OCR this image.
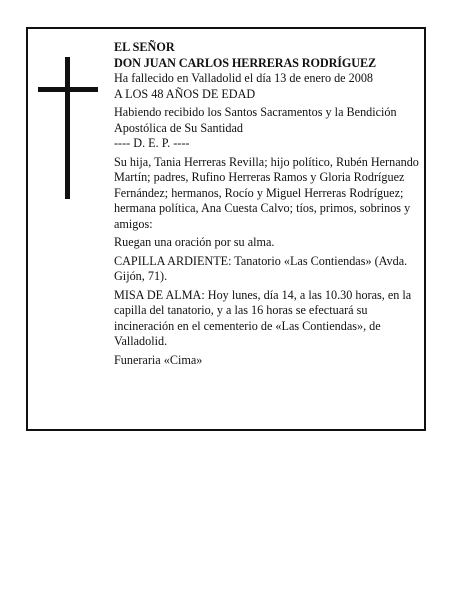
EL SEÑOR

DON JUAN CARLOS HERRERAS RODRÍGUEZ

Ha fallecido en Valladolid el día 13 de enero de 2008

A LOS 48 AÑOS DE EDAD

Habiendo recibido los Santos Sacramentos y la Bendición Apostólica de Su Santidad

---- D. E. P. ----

Su hija, Tania Herreras Revilla; hijo político, Rubén Hernando Martín; padres, Rufino Herreras Ramos y Gloria Rodríguez Fernández; hermanos, Rocío y Miguel Herreras Rodríguez; hermana política, Ana Cuesta Calvo; tíos, primos, sobrinos y amigos:

Ruegan una oración por su alma.

CAPILLA ARDIENTE: Tanatorio «Las Contiendas» (Avda. Gijón, 71).

MISA DE ALMA: Hoy lunes, día 14, a las 10.30 horas, en la capilla del tanatorio, y a las 16 horas se efectuará su incineración en el cementerio de «Las Contiendas», de Valladolid.

Funeraria «Cima»
